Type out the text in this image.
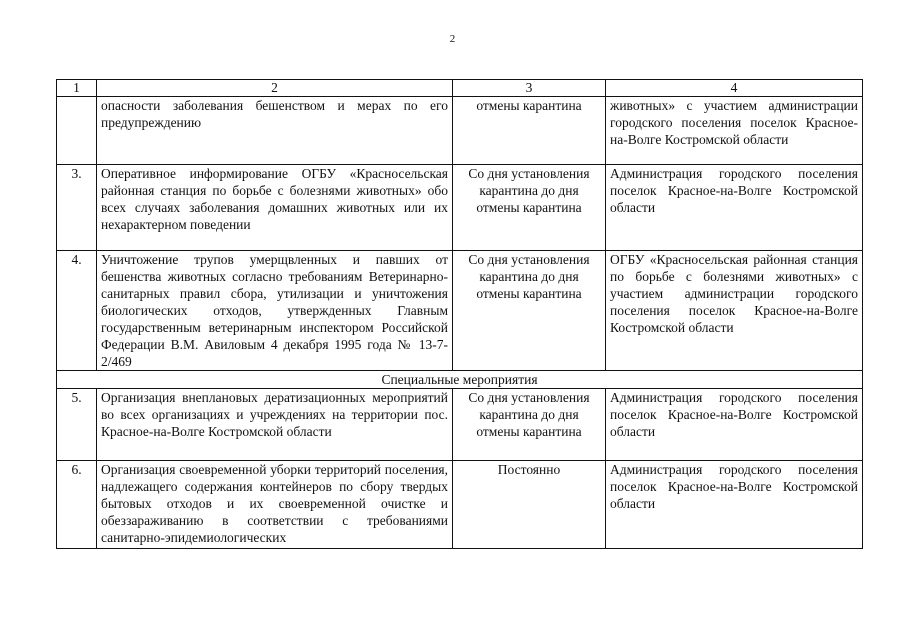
2
1	2	3	4
	опасности заболевания бешенством и мерах по его предупреждению	отмены карантина	животных» с участием администрации городского поселения поселок Красное-на-Волге Костромской области
3.	Оперативное информирование ОГБУ «Красносельская районная станция по борьбе с болезнями животных» обо всех случаях заболевания домашних животных или их нехарактерном поведении	Со дня установления карантина до дня отмены карантина	Администрация городского поселения поселок Красное-на-Волге Костромской области
4.	Уничтожение трупов умерщвленных и павших от бешенства животных согласно требованиям Ветеринарно-санитарных правил сбора, утилизации и уничтожения биологических отходов, утвержденных Главным государственным ветеринарным инспектором Российской Федерации В.М. Авиловым 4 декабря 1995 года № 13-7-2/469	Со дня установления карантина до дня отмены карантина	ОГБУ «Красносельская районная станция по борьбе с болезнями животных» с участием администрации городского поселения поселок Красное-на-Волге Костромской области
Специальные мероприятия			
5.	Организация внеплановых дератизационных мероприятий во всех организациях и учреждениях на территории пос. Красное-на-Волге Костромской области	Со дня установления карантина до дня отмены карантина	Администрация городского поселения поселок Красное-на-Волге Костромской области
6.	Организация своевременной уборки территорий поселения, надлежащего содержания контейнеров по сбору твердых бытовых отходов и их своевременной очистке и обеззараживанию в соответствии с требованиями санитарно-эпидемиологических	Постоянно	Администрация городского поселения поселок Красное-на-Волге Костромской области
